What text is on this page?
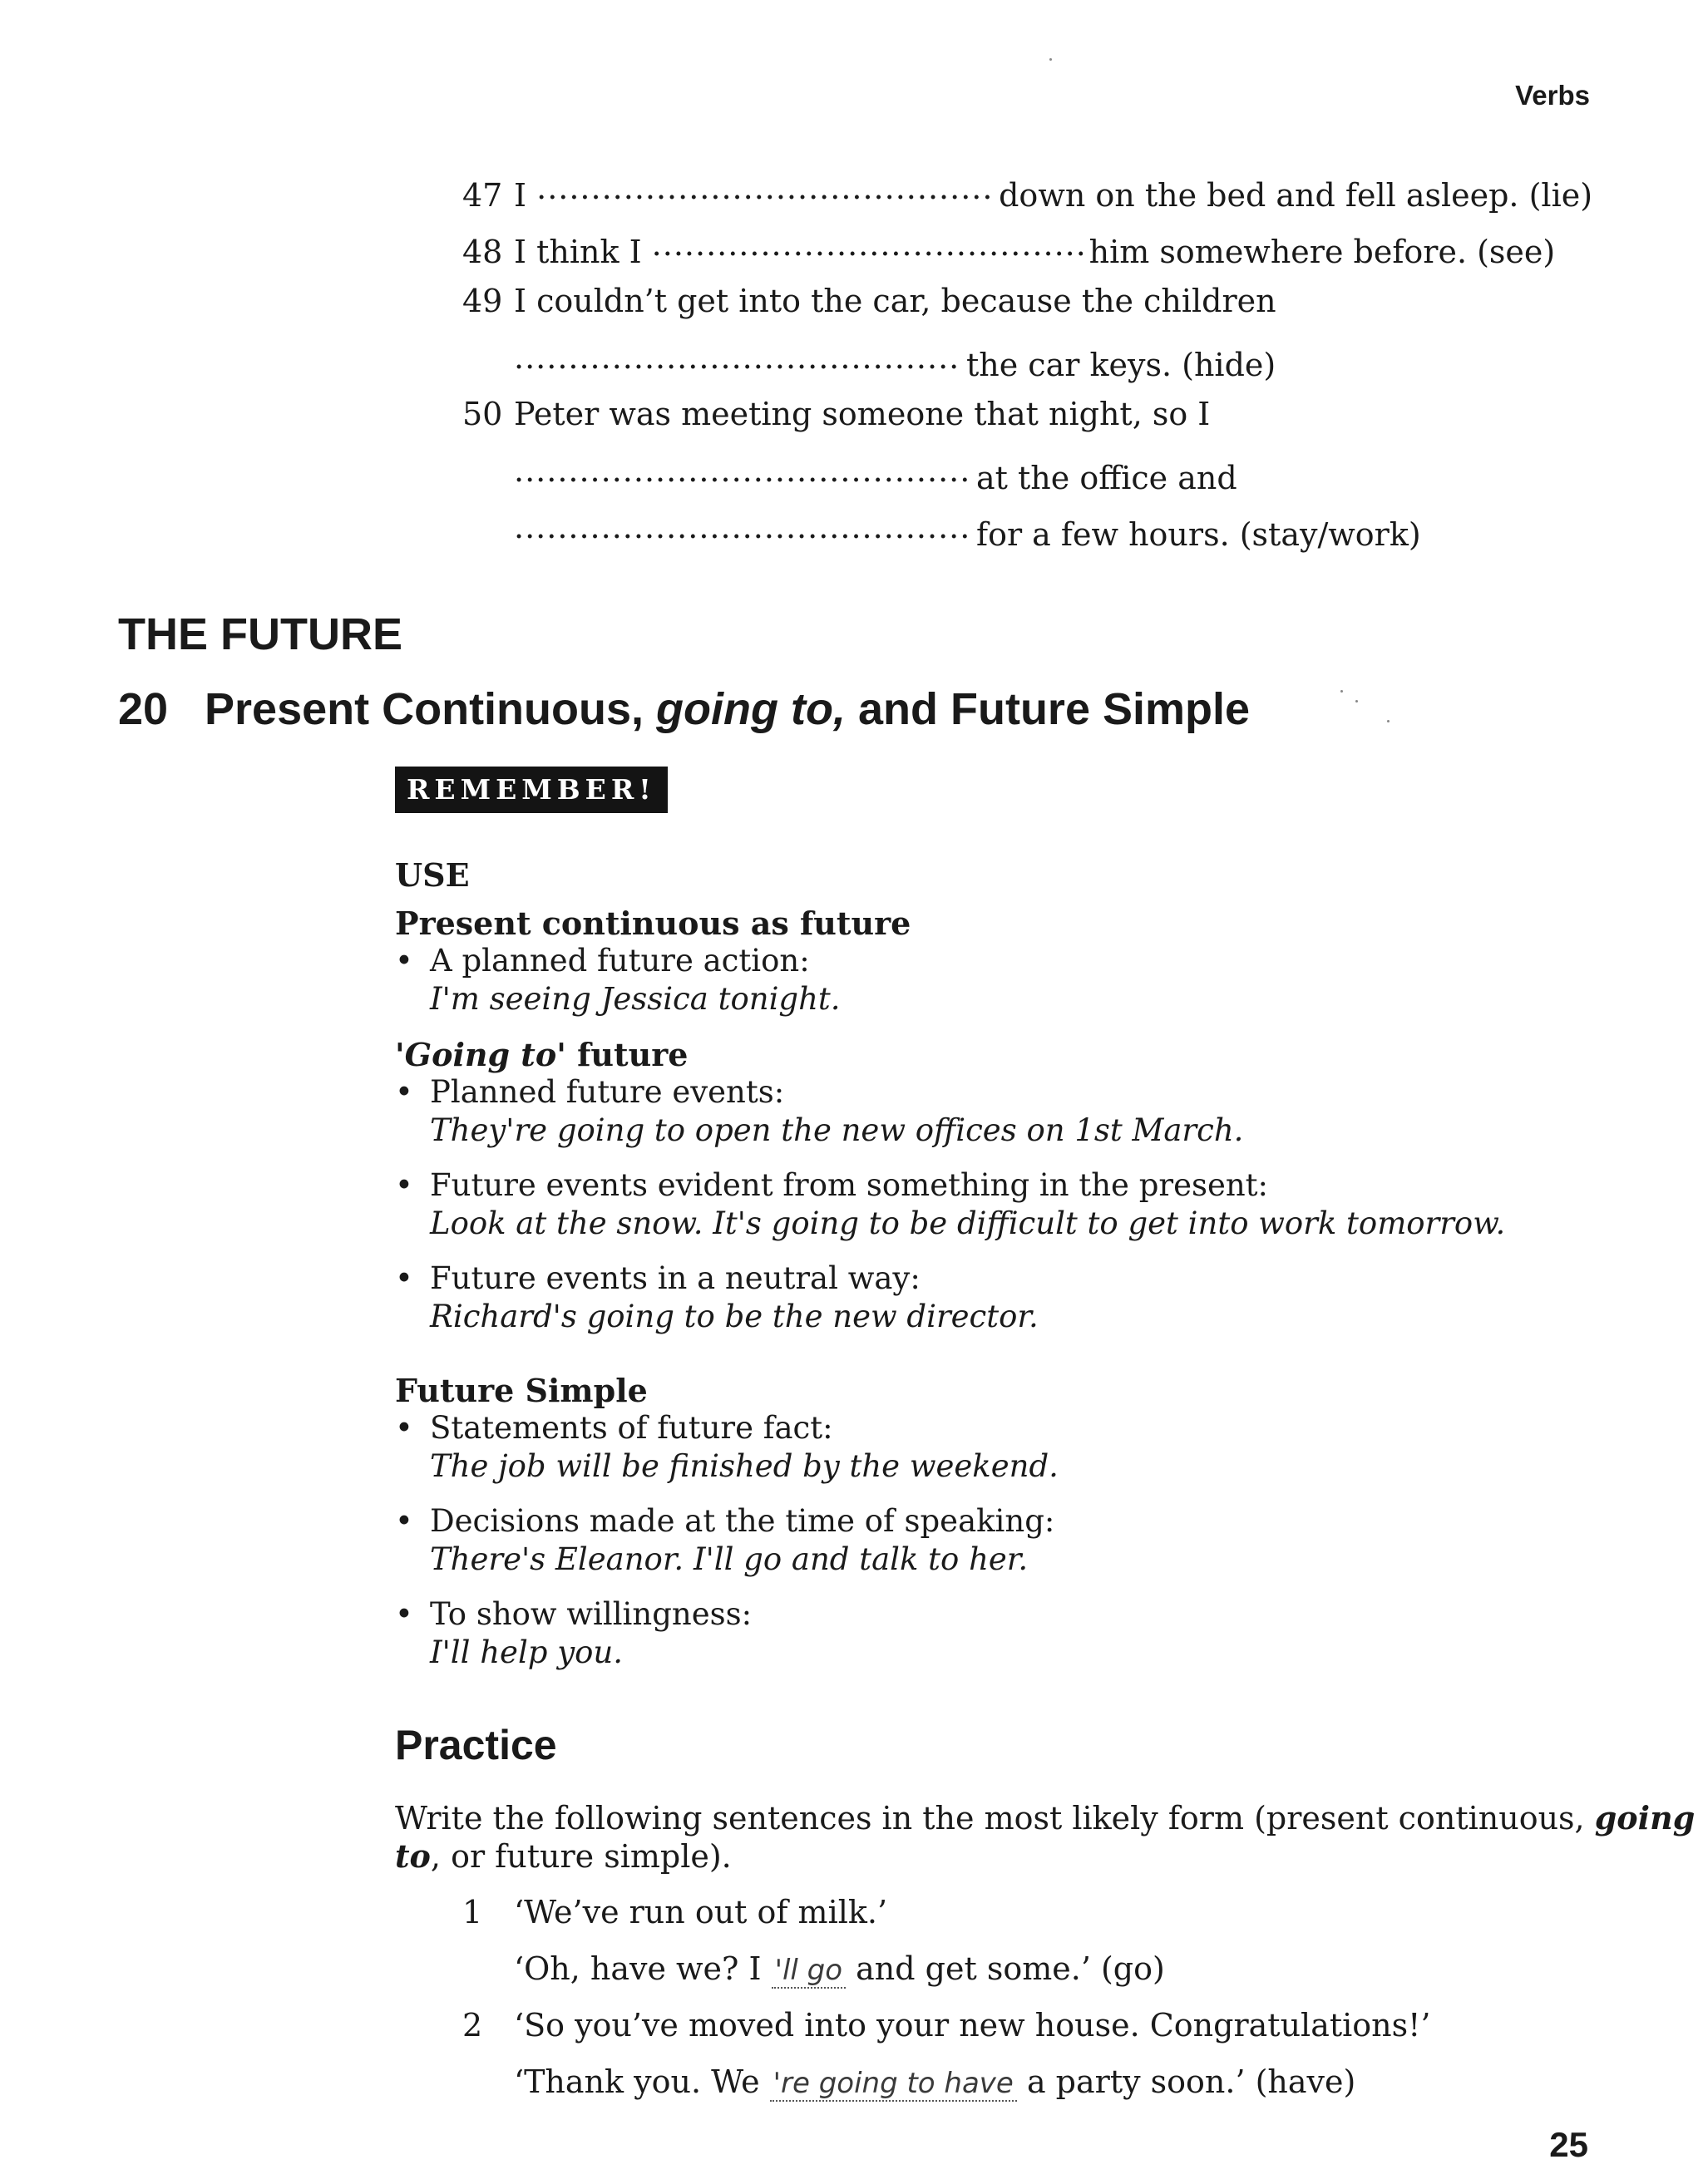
Verbs
47 I .....	down on the bed and fell asleep. (lie)
48 I think I .....	him somewhere before. (see)
49 I couldn’t get into the car, because the children
.....the car keys. (hide)
50 Peter was meeting someone that night, so I
.....at the office and
.....for a few hours. (stay/work)
THE FUTURE
20 Present Continuous, going to, and Future Simple
REMEMBER!
USE
Present continuous as future
• A planned future action:
I'm seeing Jessica tonight.
'Going to' future
• Planned future events:
They're going to open the new offices on 1st March.
• Future events evident from something in the present:
Look at the snow. It's going to be difficult to get into work tomorrow.
• Future events in a neutral way:
Richard's going to be the new director.
Future Simple
• Statements of future fact:
The job will be finished by the weekend.
• Decisions made at the time of speaking:
There's Eleanor. I'll go and talk to her.
• To show willingness:
I'll help you.
Practice
Write the following sentences in the most likely form (present continuous, going
to, or future simple).
1 ‘We’ve run out of milk.’
‘Oh, have we? I 'll go and get some.’ (go)
2 ‘So you’ve moved into your new house. Congratulations!’
‘Thank you. We 're going to have a party soon.’ (have)
25
